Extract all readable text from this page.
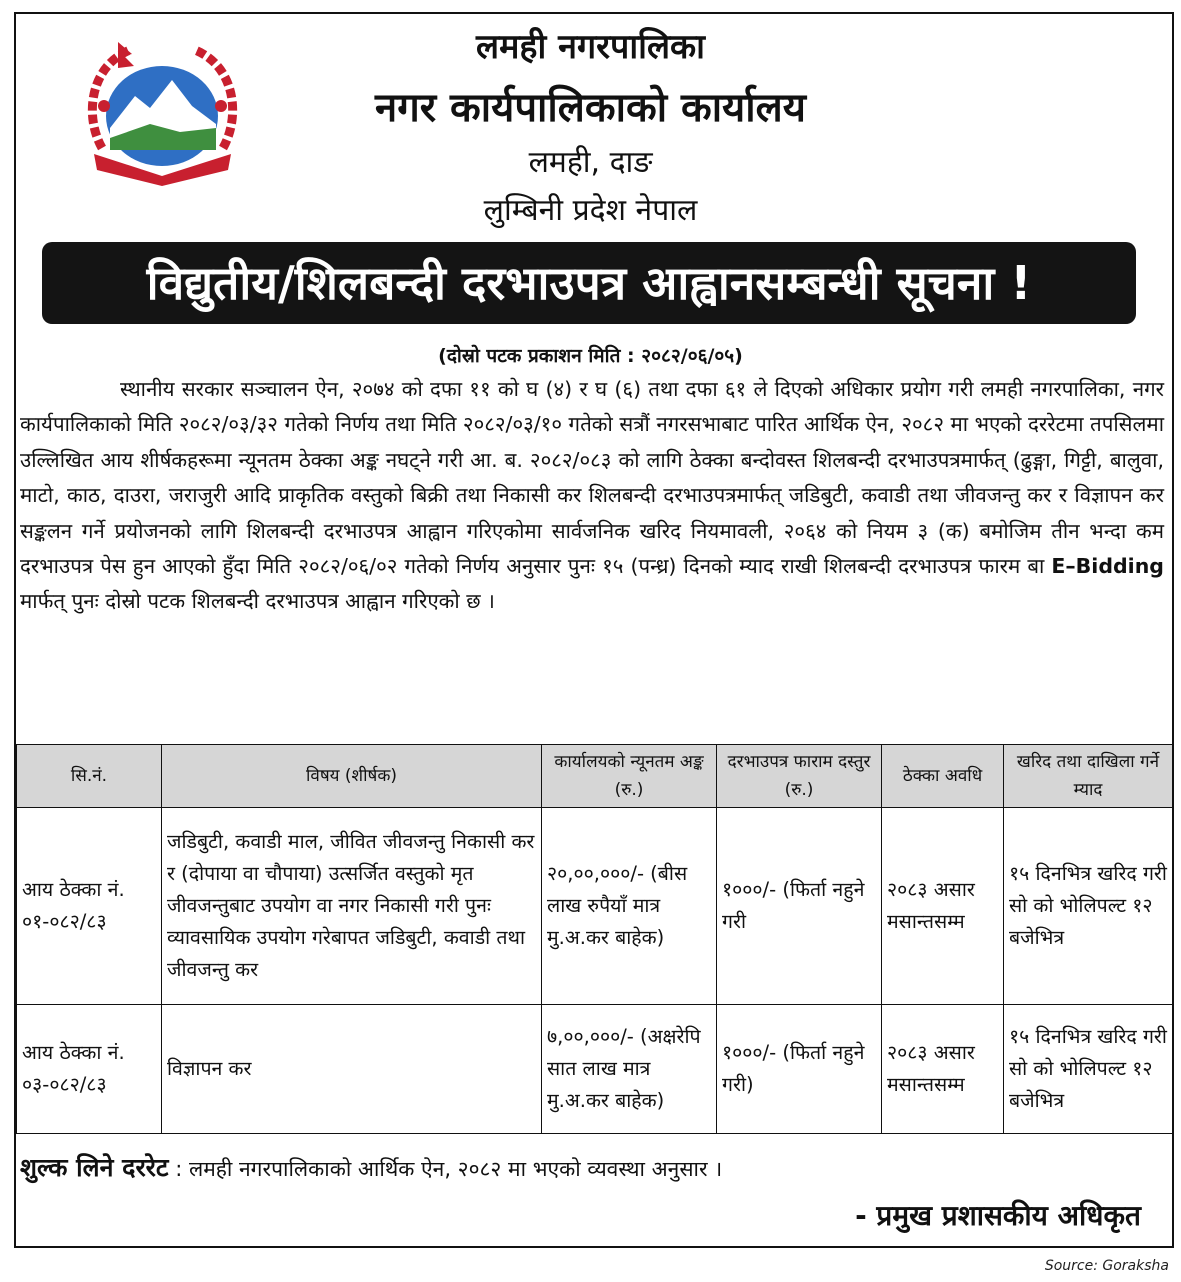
लमही नगरपालिका
नगर कार्यपालिकाको कार्यालय
लमही, दाङ
लुम्बिनी प्रदेश नेपाल
विद्युतीय/शिलबन्दी दरभाउपत्र आह्वानसम्बन्धी सूचना !
(दोस्रो पटक प्रकाशन मिति : २०८२/०६/०५)

स्थानीय सरकार सञ्चालन ऐन, २०७४ को दफा ११ को घ (४) र घ (६) तथा दफा ६१ ले दिएको अधिकार प्रयोग गरी लमही नगरपालिका, नगर कार्यपालिकाको मिति २०८२/०३/३२ गतेको निर्णय तथा मिति २०८२/०३/१० गतेको सत्रौं नगरसभाबाट पारित आर्थिक ऐन, २०८२ मा भएको दररेटमा तपसिलमा उल्लिखित आय शीर्षकहरूमा न्यूनतम ठेक्का अङ्क नघट्ने गरी आ. ब. २०८२/०८३ को लागि ठेक्का बन्दोवस्त शिलबन्दी दरभाउपत्रमार्फत् (ढुङ्गा, गिट्टी, बालुवा, माटो, काठ, दाउरा, जराजुरी आदि प्राकृतिक वस्तुको बिक्री तथा निकासी कर शिलबन्दी दरभाउपत्रमार्फत् जडिबुटी, कवाडी तथा जीवजन्तु कर र विज्ञापन कर सङ्कलन गर्ने प्रयोजनको लागि शिलबन्दी दरभाउपत्र आह्वान गरिएकोमा सार्वजनिक खरिद नियमावली, २०६४ को नियम ३ (क) बमोजिम तीन भन्दा कम दरभाउपत्र पेस हुन आएको हुँदा मिति २०८२/०६/०२ गतेको निर्णय अनुसार पुनः १५ (पन्ध्र) दिनको म्याद राखी शिलबन्दी दरभाउपत्र फारम बा E–Bidding मार्फत् पुनः दोस्रो पटक शिलबन्दी दरभाउपत्र आह्वान गरिएको छ ।

सि.नं.	विषय (शीर्षक)	कार्यालयको न्यूनतम अङ्क (रु.)	दरभाउपत्र फाराम दस्तुर (रु.)	ठेक्का अवधि	खरिद तथा दाखिला गर्ने म्याद
आय ठेक्का नं. ०१-०८२/८३	जडिबुटी, कवाडी माल, जीवित जीवजन्तु निकासी कर र (दोपाया वा चौपाया) उत्सर्जित वस्तुको मृत जीवजन्तुबाट उपयोग वा नगर निकासी गरी पुनः व्यावसायिक उपयोग गरेबापत जडिबुटी, कवाडी तथा जीवजन्तु कर	२०,००,०००/- (बीस लाख रुपैयाँ मात्र मु.अ.कर बाहेक)	१०००/- (फिर्ता नहुने गरी	२०८३ असार मसान्तसम्म	१५ दिनभित्र खरिद गरी सो को भोलिपल्ट १२ बजेभित्र
आय ठेक्का नं. ०३-०८२/८३	विज्ञापन कर	७,००,०००/- (अक्षरेपि सात लाख मात्र मु.अ.कर बाहेक)	१०००/- (फिर्ता नहुने गरी)	२०८३ असार मसान्तसम्म	१५ दिनभित्र खरिद गरी सो को भोलिपल्ट १२ बजेभित्र
शुल्क लिने दररेट : लमही नगरपालिकाको आर्थिक ऐन, २०८२ मा भएको व्यवस्था अनुसार ।
- प्रमुख प्रशासकीय अधिकृत
Source: Goraksha
